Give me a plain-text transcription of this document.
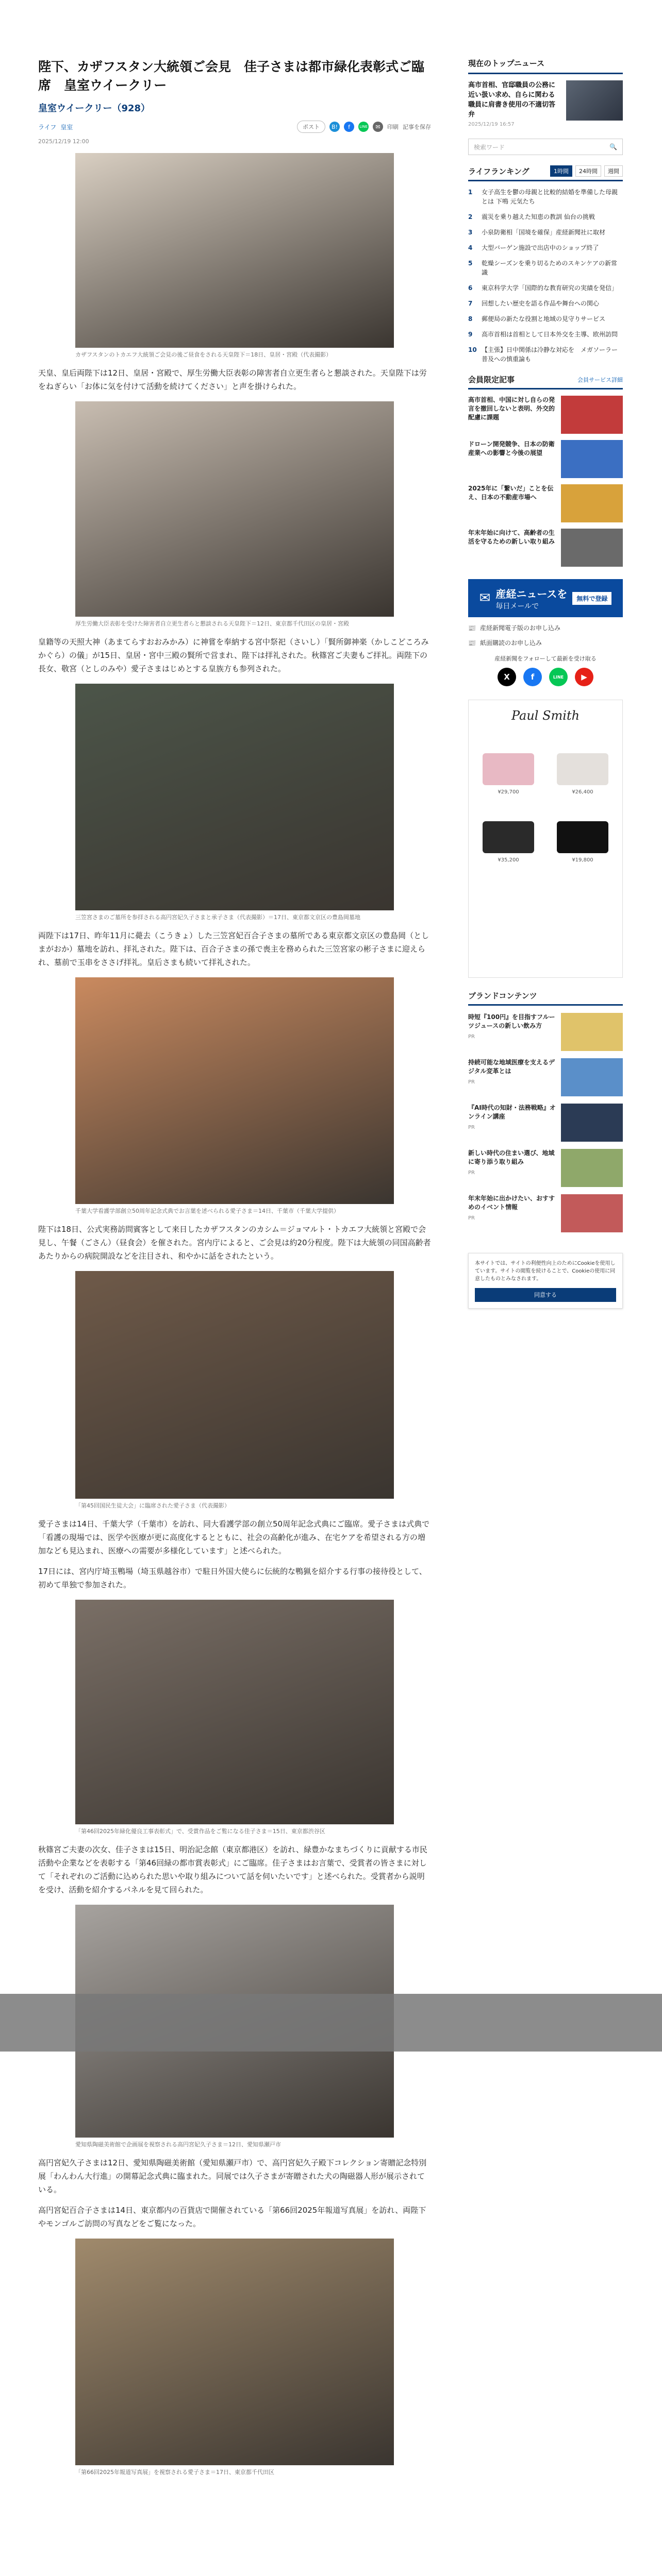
陛下、カザフスタン大統領ご会見　佳子さまは都市緑化表彰式ご臨席　皇室ウイークリー
皇室ウイークリー（928）
ライフ 皇室	ポスト	B!	f	LINE	✉	印刷 記事を保存
2025/12/19 12:00
カザフスタンのトカエフ大統領ご会見の後ご昼食をされる天皇陛下＝18日、皇居・宮殿（代表撮影）

天皇、皇后両陛下は12日、皇居・宮殿で、厚生労働大臣表彰の障害者自立更生者らと懇談された。天皇陛下は労をねぎらい「お体に気を付けて活動を続けてください」と声を掛けられた。

厚生労働大臣表彰を受けた障害者自立更生者らと懇談される天皇陛下＝12日、東京都千代田区の皇居・宮殿

皇籍等の天照大神（あまてらすおおみかみ）に神嘗を奉納する宮中祭祀（さいし）「賢所御神楽（かしこどころみかぐら）の儀」が15日、皇居・宮中三殿の賢所で営まれ、陛下は拝礼された。秋篠宮ご夫妻もご拝礼。両陛下の長女、敬宮（としのみや）愛子さまはじめとする皇族方も参列された。

三笠宮さまのご墓所を参拝される高円宮妃久子さまと承子さま（代表撮影）＝17日、東京都文京区の豊島岡墓地

両陛下は17日、昨年11月に薨去（こうきょ）した三笠宮妃百合子さまの墓所である東京都文京区の豊島岡（としまがおか）墓地を訪れ、拝礼された。陛下は、百合子さまの孫で喪主を務められた三笠宮家の彬子さまに迎えられ、墓前で玉串をささげ拝礼。皇后さまも続いて拝礼された。

千葉大学看護学部創立50周年記念式典でお言葉を述べられる愛子さま＝14日、千葉市（千葉大学提供）

陛下は18日、公式実務訪問賓客として来日したカザフスタンのカシム＝ジョマルト・トカエフ大統領と宮殿で会見し、午餐（ごさん）（昼食会）を催された。宮内庁によると、ご会見は約20分程度。陛下は大統領の同国高齢者あたりからの病院開設などを注目され、和やかに話をされたという。

「第45回国民生徒大会」に臨席された愛子さま（代表撮影）

愛子さまは14日、千葉大学（千葉市）を訪れ、同大看護学部の創立50周年記念式典にご臨席。愛子さまは式典で「看護の現場では、医学や医療が更に高度化するとともに、社会の高齢化が進み、在宅ケアを希望される方の増加なども見込まれ、医療への需要が多様化しています」と述べられた。

17日には、宮内庁埼玉鴨場（埼玉県越谷市）で駐日外国大使らに伝統的な鴨猟を紹介する行事の接待役として、初めて単独で参加された。

「第46回2025年緑化優良工事表彰式」で、受賞作品をご覧になる佳子さま＝15日、東京都渋谷区

秋篠宮ご夫妻の次女、佳子さまは15日、明治記念館（東京都港区）を訪れ、緑豊かなまちづくりに貢献する市民活動や企業などを表彰する「第46回緑の都市賞表彰式」にご臨席。佳子さまはお言葉で、受賞者の皆さまに対して「それぞれのご活動に込められた思いや取り組みについて話を伺いたいです」と述べられた。受賞者から説明を受け、活動を紹介するパネルを見て回られた。

愛知県陶磁美術館で企画展を視察される高円宮妃久子さま＝12日、愛知県瀬戸市

高円宮妃久子さまは12日、愛知県陶磁美術館（愛知県瀬戸市）で、高円宮妃久子殿下コレクション寄贈記念特別展「わんわん大行進」の開幕記念式典に臨まれた。同展では久子さまが寄贈された犬の陶磁器人形が展示されている。

高円宮妃百合子さまは14日、東京都内の百貨店で開催されている「第66回2025年報道写真展」を訪れ、両陛下やモンゴルご訪問の写真などをご覧になった。

「第66回2025年報道写真展」を視察される愛子さま＝17日、東京都千代田区
現在のトップニュース
高市首相、官邸職員の公務に近い扱い求め、自らに関わる職員に肩書き使用の不適切答弁
2025/12/19 16:57
検索ワード	🔍
ライフランキング	1時間	24時間	週間
1	女子高生を鬱の母親と比較的結婚を準備した母親とは 下鳴 元気たち
2	震災を乗り越えた知恵の教訓 仙台の挑戦
3	小泉防衛相「国境を確保」産経新聞社に取材
4	大型バーゲン施設で出店中のショップ終了
5	乾燥シーズンを乗り切るためのスキンケアの新常識
6	東京科学大学「国際的な教育研究の実績を発信」
7	回想したい歴史を語る作品や舞台への関心
8	郵便局の新たな役割と地域の見守りサービス
9	高市首相は首相として日本外交を主導、欧州訪問
10 【主張】日中関係は冷静な対応を　メガソーラー普及への慎重論も
会員限定記事	会員サービス詳細
高市首相、中国に対し自らの発言を撤回しないと表明、外交的配慮に課題
ドローン開発競争、日本の防衛産業への影響と今後の展望
2025年に「繋いだ」ことを伝え、日本の不動産市場へ
年末年始に向けて、高齢者の生活を守るための新しい取り組み
✉ 産経ニュースを
毎日メールで
無料で登録
📰 産経新聞電子版のお申し込み
📰 紙面購読のお申し込み
産経新聞をフォローして最新を受け取る
X	f	LINE	▶
Paul Smith
¥29,700	¥26,400
¥35,200	¥19,800
ブランドコンテンツ
時短『100円』を目指すフルーツジュースの新しい飲み方
PR
持続可能な地域医療を支えるデジタル変革とは
PR
『AI時代の知財・法務戦略』オンライン講座
PR
新しい時代の住まい選び、地域に寄り添う取り組み
PR
年末年始に出かけたい、おすすめのイベント情報
PR
本サイトでは、サイトの利便性向上のためにCookieを使用しています。サイトの閲覧を続けることで、Cookieの使用に同意したものとみなされます。
同意する
